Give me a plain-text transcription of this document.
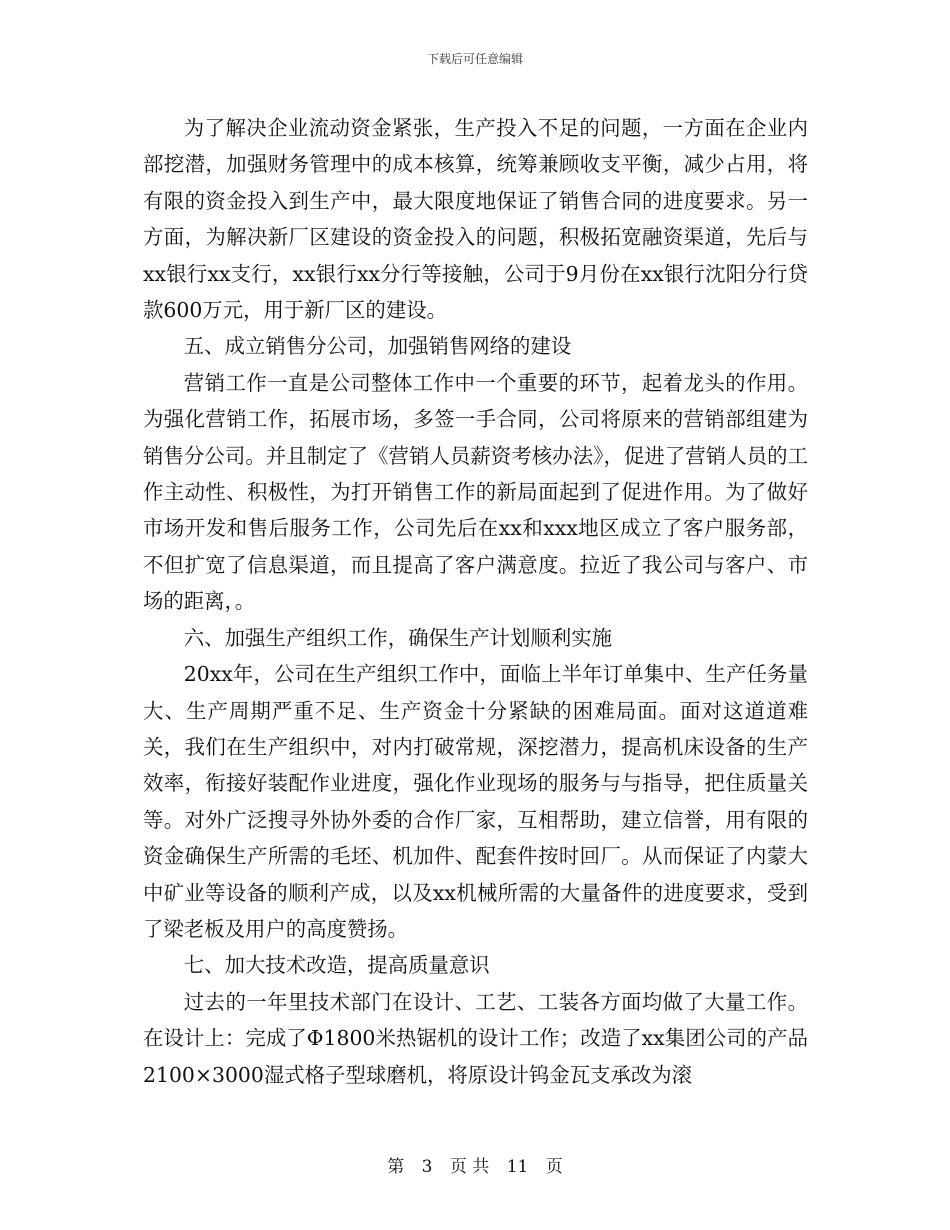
下载后可任意编辑

为了解决企业流动资金紧张，生产投入不足的问题，一方面在企业内部挖潜，加强财务管理中的成本核算，统筹兼顾收支平衡，减少占用，将有限的资金投入到生产中，最大限度地保证了销售合同的进度要求。另一方面，为解决新厂区建设的资金投入的问题，积极拓宽融资渠道，先后与xx银行xx支行，xx银行xx分行等接触，公司于9月份在xx银行沈阳分行贷款600万元，用于新厂区的建设。

五、成立销售分公司，加强销售网络的建设

营销工作一直是公司整体工作中一个重要的环节，起着龙头的作用。为强化营销工作，拓展市场，多签一手合同，公司将原来的营销部组建为销售分公司。并且制定了《营销人员薪资考核办法》，促进了营销人员的工作主动性、积极性，为打开销售工作的新局面起到了促进作用。为了做好市场开发和售后服务工作，公司先后在xx和xxx地区成立了客户服务部，不但扩宽了信息渠道，而且提高了客户满意度。拉近了我公司与客户、市场的距离，。

六、加强生产组织工作，确保生产计划顺利实施

20xx年，公司在生产组织工作中，面临上半年订单集中、生产任务量大、生产周期严重不足、生产资金十分紧缺的困难局面。面对这道道难关，我们在生产组织中，对内打破常规，深挖潜力，提高机床设备的生产效率，衔接好装配作业进度，强化作业现场的服务与与指导，把住质量关等。对外广泛搜寻外协外委的合作厂家，互相帮助，建立信誉，用有限的资金确保生产所需的毛坯、机加件、配套件按时回厂。从而保证了内蒙大中矿业等设备的顺利产成，以及xx机械所需的大量备件的进度要求，受到了梁老板及用户的高度赞扬。

七、加大技术改造，提高质量意识

过去的一年里技术部门在设计、工艺、工装各方面均做了大量工作。在设计上：完成了Φ1800米热锯机的设计工作；改造了xx集团公司的产品2100×3000湿式格子型球磨机，将原设计钨金瓦支承改为滚

第 3 页 共 11 页
